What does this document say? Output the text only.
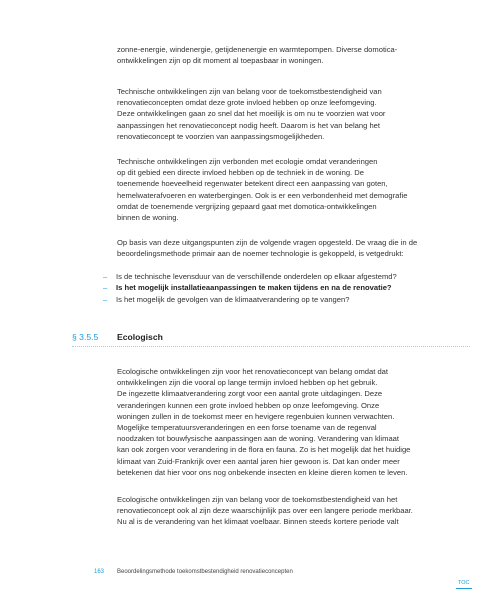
zonne-energie, windenergie, getijdenenergie en warmtepompen. Diverse domotica-
ontwikkelingen zijn op dit moment al toepasbaar in woningen.
Technische ontwikkelingen zijn van belang voor de toekomstbestendigheid van
renovatieconcepten omdat deze grote invloed hebben op onze leefomgeving.
Deze ontwikkelingen gaan zo snel dat het moeilijk is om nu te voorzien wat voor
aanpassingen het renovatieconcept nodig heeft. Daarom is het van belang het
renovatieconcept te voorzien van aanpassingsmogelijkheden.
Technische ontwikkelingen zijn verbonden met ecologie omdat veranderingen
op dit gebied een directe invloed hebben op de techniek in de woning. De
toenemende hoeveelheid regenwater betekent direct een aanpassing van goten,
hemelwaterafvoeren en waterbergingen. Ook is er een verbondenheid met demografie
omdat de toenemende vergrijzing gepaard gaat met domotica-ontwikkelingen
binnen de woning.
Op basis van deze uitgangspunten zijn de volgende vragen opgesteld. De vraag die in de
beoordelingsmethode primair aan de noemer technologie is gekoppeld, is vetgedrukt:
– Is de technische levensduur van de verschillende onderdelen op elkaar afgestemd?
– Is het mogelijk installatieaanpassingen te maken tijdens en na de renovatie?
– Is het mogelijk de gevolgen van de klimaatverandering op te vangen?
§ 3.5.5 Ecologisch
Ecologische ontwikkelingen zijn voor het renovatieconcept van belang omdat dat
ontwikkelingen zijn die vooral op lange termijn invloed hebben op het gebruik.
De ingezette klimaatverandering zorgt voor een aantal grote uitdagingen. Deze
veranderingen kunnen een grote invloed hebben op onze leefomgeving. Onze
woningen zullen in de toekomst meer en hevigere regenbuien kunnen verwachten.
Mogelijke temperatuursveranderingen en een forse toename van de regenval
noodzaken tot bouwfysische aanpassingen aan de woning. Verandering van klimaat
kan ook zorgen voor verandering in de flora en fauna. Zo is het mogelijk dat het huidige
klimaat van Zuid-Frankrijk over een aantal jaren hier gewoon is. Dat kan onder meer
betekenen dat hier voor ons nog onbekende insecten en kleine dieren komen te leven.
Ecologische ontwikkelingen zijn van belang voor de toekomstbestendigheid van het
renovatieconcept ook al zijn deze waarschijnlijk pas over een langere periode merkbaar.
Nu al is de verandering van het klimaat voelbaar. Binnen steeds kortere periode valt
163 Beoordelingsmethode toekomstbestendigheid renovatieconcepten
TOC
